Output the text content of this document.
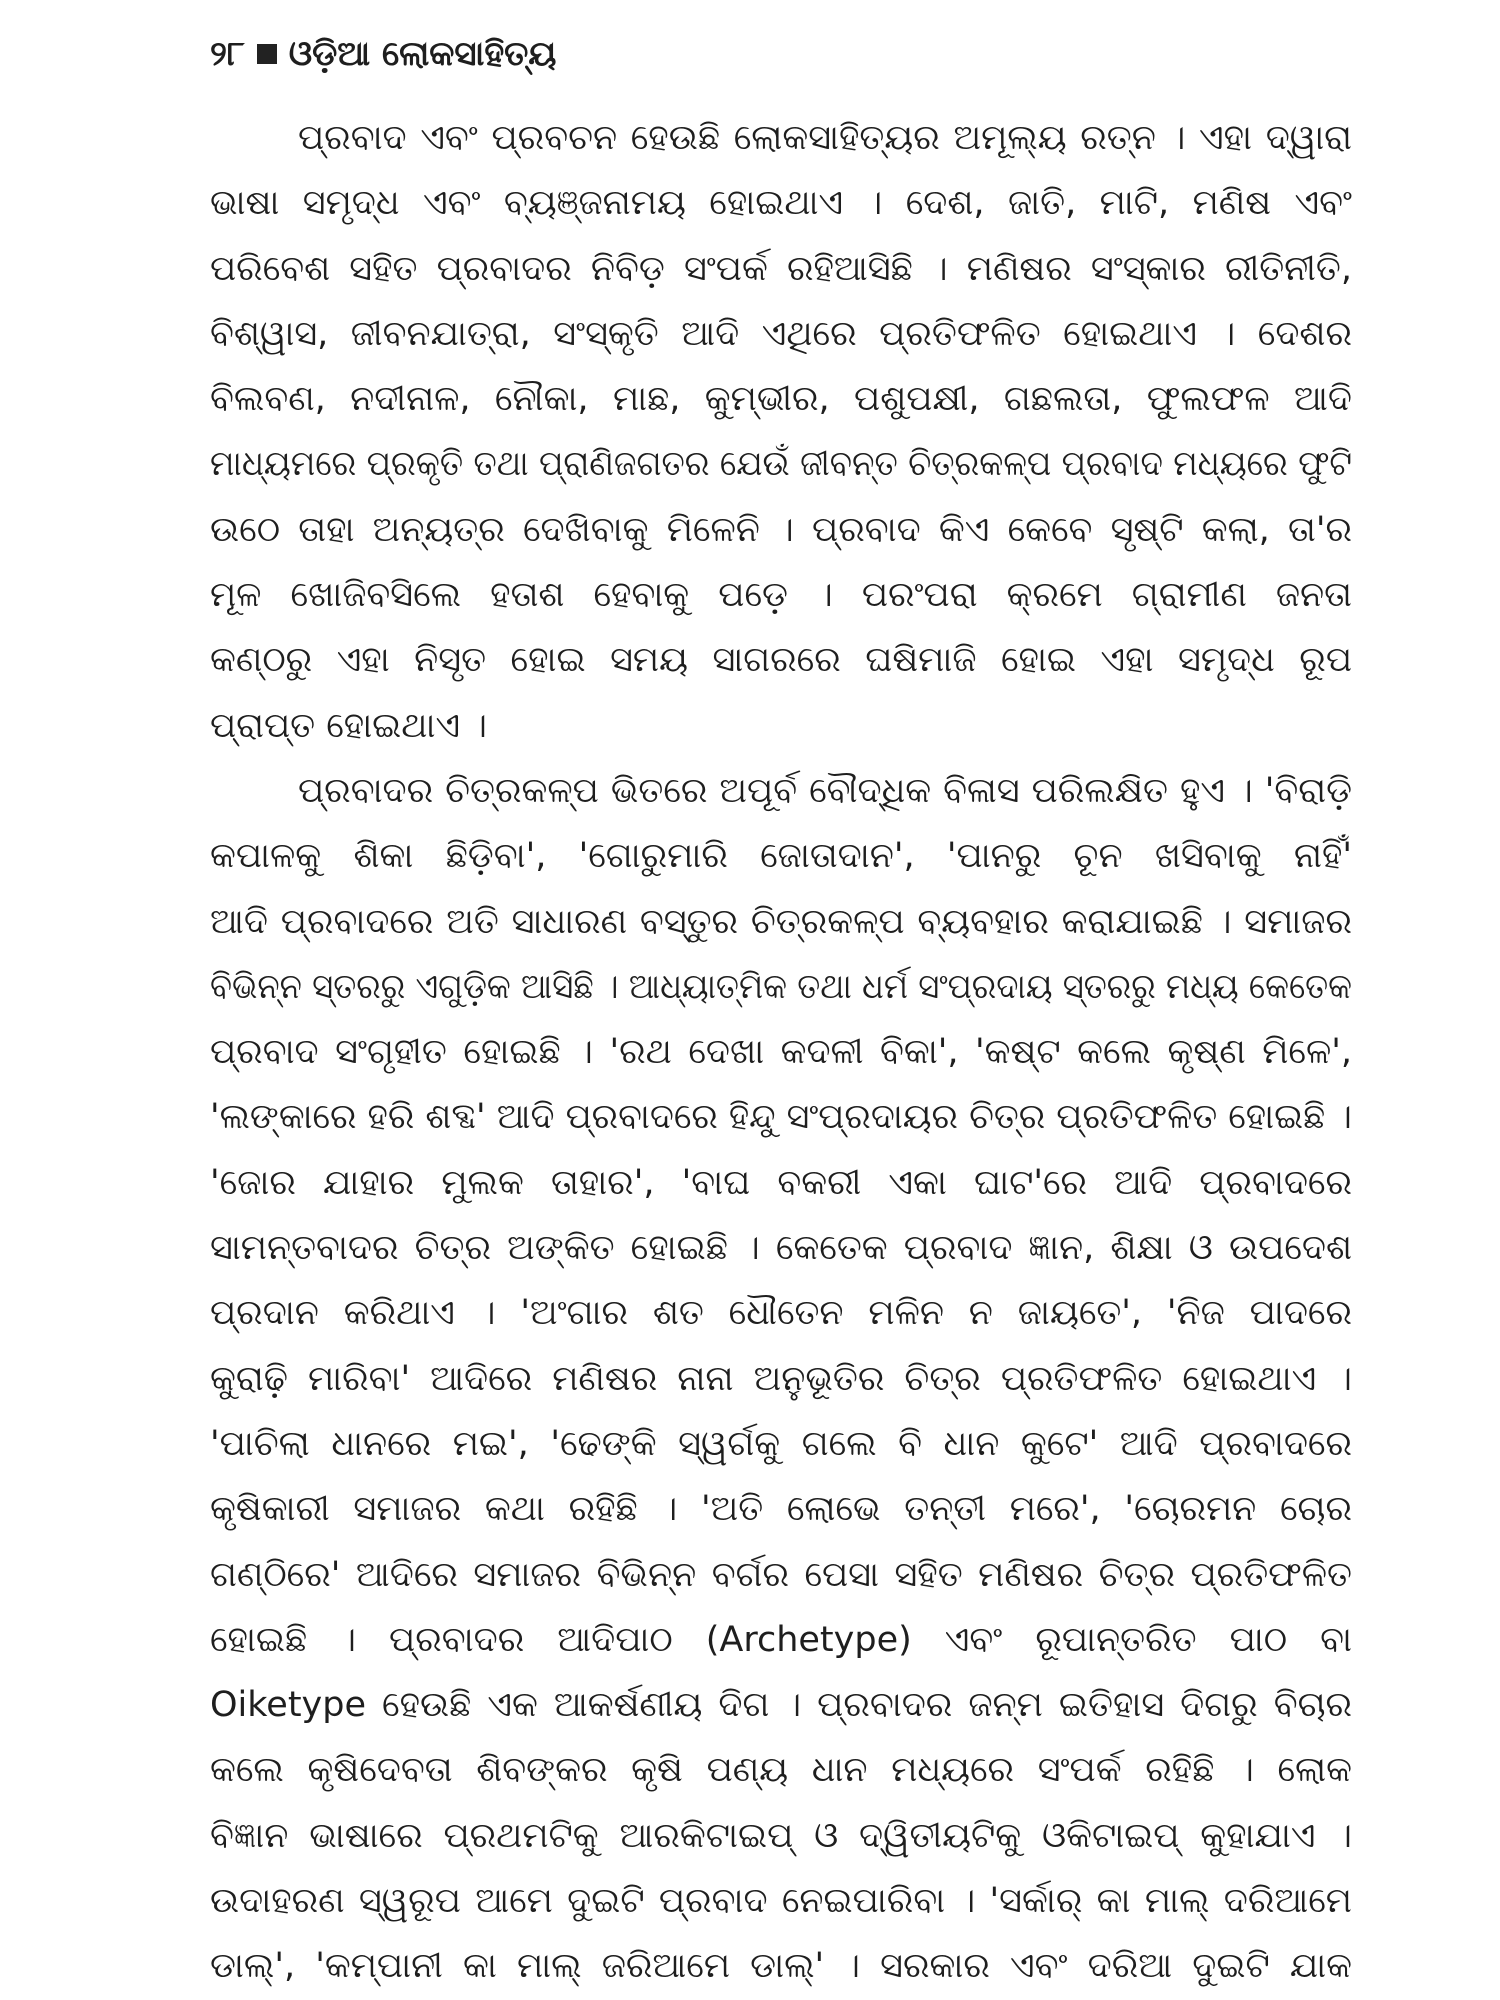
୨୮ ଓଡ଼ିଆ ଲୋକସାହିତ୍ୟ
ପ୍ରବାଦ ଏବଂ ପ୍ରବଚନ ହେଉଛି ଲୋକସାହିତ୍ୟର ଅମୂଲ୍ୟ ରତ୍ନ । ଏହା ଦ୍ୱାରା
ଭାଷା ସମୃଦ୍ଧ ଏବଂ ବ୍ୟଞ୍ଜନାମୟ ହୋଇଥାଏ । ଦେଶ, ଜାତି, ମାଟି, ମଣିଷ ଏବଂ
ପରିବେଶ ସହିତ ପ୍ରବାଦର ନିବିଡ଼ ସଂପର୍କ ରହିଆସିଛି । ମଣିଷର ସଂସ୍କାର ରୀତିନୀତି,
ବିଶ୍ୱାସ, ଜୀବନଯାତ୍ରା, ସଂସ୍କୃତି ଆଦି ଏଥିରେ ପ୍ରତିଫଳିତ ହୋଇଥାଏ । ଦେଶର
ବିଲବଣ, ନଦୀନାଳ, ନୌକା, ମାଛ, କୁମ୍ଭୀର, ପଶୁପକ୍ଷୀ, ଗଛଲତା, ଫୁଲଫଳ ଆଦି
ମାଧ୍ୟମରେ ପ୍ରକୃତି ତଥା ପ୍ରାଣିଜଗତର ଯେଉଁ ଜୀବନ୍ତ ଚିତ୍ରକଳ୍ପ ପ୍ରବାଦ ମଧ୍ୟରେ ଫୁଟି
ଉଠେ ତାହା ଅନ୍ୟତ୍ର ଦେଖିବାକୁ ମିଳେନି । ପ୍ରବାଦ କିଏ କେବେ ସୃଷ୍ଟି କଲା, ତା'ର
ମୂଳ ଖୋଜିବସିଲେ ହତାଶ ହେବାକୁ ପଡ଼େ । ପରଂପରା କ୍ରମେ ଗ୍ରାମୀଣ ଜନତା
କଣ୍ଠରୁ ଏହା ନିସୃତ ହୋଇ ସମୟ ସାଗରରେ ଘଷିମାଜି ହୋଇ ଏହା ସମୃଦ୍ଧ ରୂପ
ପ୍ରାପ୍ତ ହୋଇଥାଏ ।
ପ୍ରବାଦର ଚିତ୍ରକଳ୍ପ ଭିତରେ ଅପୂର୍ବ ବୌଦ୍ଧିକ ବିଳାସ ପରିଲକ୍ଷିତ ହୁଏ । 'ବିରାଡ଼ି
କପାଳକୁ ଶିକା ଛିଡ଼ିବା', 'ଗୋରୁମାରି ଜୋତାଦାନ', 'ପାନରୁ ଚୂନ ଖସିବାକୁ ନାହିଁ'
ଆଦି ପ୍ରବାଦରେ ଅତି ସାଧାରଣ ବସ୍ତୁର ଚିତ୍ରକଳ୍ପ ବ୍ୟବହାର କରାଯାଇଛି । ସମାଜର
ବିଭିନ୍ନ ସ୍ତରରୁ ଏଗୁଡ଼ିକ ଆସିଛି । ଆଧ୍ୟାତ୍ମିକ ତଥା ଧର୍ମ ସଂପ୍ରଦାୟ ସ୍ତରରୁ ମଧ୍ୟ କେତେକ
ପ୍ରବାଦ ସଂଗୃହୀତ ହୋଇଛି । 'ରଥ ଦେଖା କଦଳୀ ବିକା', 'କଷ୍ଟ କଲେ କୃଷ୍ଣ ମିଳେ',
'ଲଙ୍କାରେ ହରି ଶବ୍ଦ' ଆଦି ପ୍ରବାଦରେ ହିନ୍ଦୁ ସଂପ୍ରଦାୟର ଚିତ୍ର ପ୍ରତିଫଳିତ ହୋଇଛି ।
'ଜୋର ଯାହାର ମୁଲକ ତାହାର', 'ବାଘ ବକରୀ ଏକା ଘାଟ'ରେ ଆଦି ପ୍ରବାଦରେ
ସାମନ୍ତବାଦର ଚିତ୍ର ଅଙ୍କିତ ହୋଇଛି । କେତେକ ପ୍ରବାଦ ଜ୍ଞାନ, ଶିକ୍ଷା ଓ ଉପଦେଶ
ପ୍ରଦାନ କରିଥାଏ । 'ଅଂଗାର ଶତ ଧୌତେନ ମଳିନ ନ ଜାୟତେ', 'ନିଜ ପାଦରେ
କୁରାଢ଼ି ମାରିବା' ଆଦିରେ ମଣିଷର ନାନା ଅନୁଭୂତିର ଚିତ୍ର ପ୍ରତିଫଳିତ ହୋଇଥାଏ ।
'ପାଚିଲା ଧାନରେ ମଇ', 'ଢେଙ୍କି ସ୍ୱର୍ଗକୁ ଗଲେ ବି ଧାନ କୁଟେ' ଆଦି ପ୍ରବାଦରେ
କୃଷିକାରୀ ସମାଜର କଥା ରହିଛି । 'ଅତି ଲୋଭେ ତନ୍ତୀ ମରେ', 'ଚୋରମନ ଚୋର
ଗଣ୍ଠିରେ' ଆଦିରେ ସମାଜର ବିଭିନ୍ନ ବର୍ଗର ପେସା ସହିତ ମଣିଷର ଚିତ୍ର ପ୍ରତିଫଳିତ
ହୋଇଛି । ପ୍ରବାଦର ଆଦିପାଠ (Archetype) ଏବଂ ରୂପାନ୍ତରିତ ପାଠ ବା
Oiketype ହେଉଛି ଏକ ଆକର୍ଷଣୀୟ ଦିଗ । ପ୍ରବାଦର ଜନ୍ମ ଇତିହାସ ଦିଗରୁ ବିଚାର
କଲେ କୃଷିଦେବତା ଶିବଙ୍କର କୃଷି ପଣ୍ୟ ଧାନ ମଧ୍ୟରେ ସଂପର୍କ ରହିଛି । ଲୋକ
ବିଜ୍ଞାନ ଭାଷାରେ ପ୍ରଥମଟିକୁ ଆରକିଟାଇପ୍ ଓ ଦ୍ୱିତୀୟଟିକୁ ଓକିଟାଇପ୍ କୁହାଯାଏ ।
ଉଦାହରଣ ସ୍ୱରୂପ ଆମେ ଦୁଇଟି ପ୍ରବାଦ ନେଇପାରିବା । 'ସର୍କାର୍ କା ମାଲ୍ ଦରିଆମେ
ଡାଲ୍', 'କମ୍ପାନୀ କା ମାଲ୍ ଜରିଆମେ ଡାଲ୍' । ସରକାର ଏବଂ ଦରିଆ ଦୁଇଟି ଯାକ
